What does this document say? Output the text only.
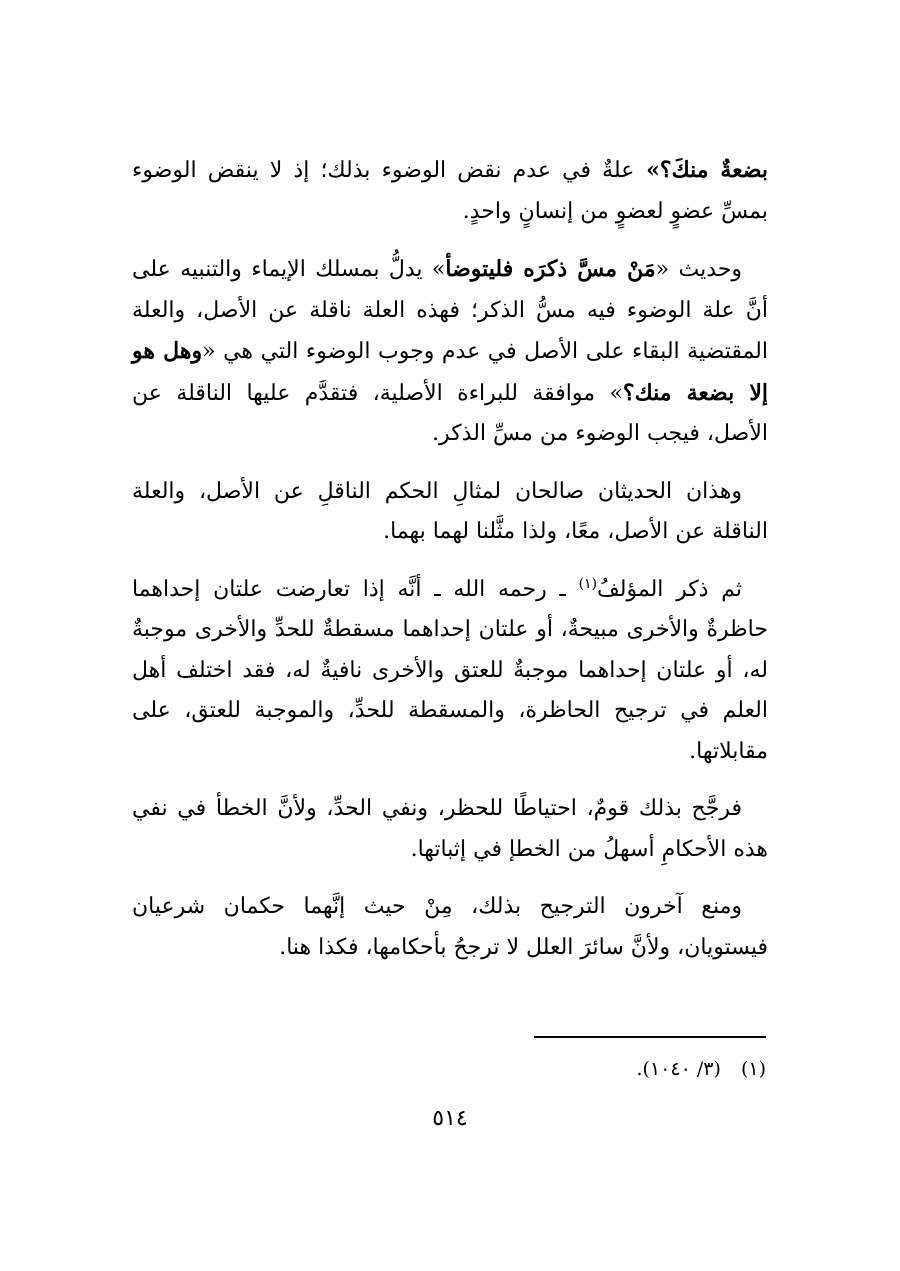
بضعةٌ منكَ؟» علةٌ في عدم نقض الوضوء بذلك؛ إذ لا ينقض الوضوء بمسِّ عضوٍ لعضوٍ من إنسانٍ واحدٍ.

وحديث «مَنْ مسَّ ذكرَه فليتوضأ» يدلُّ بمسلك الإيماء والتنبيه على أنَّ علة الوضوء فيه مسُّ الذكر؛ فهذه العلة ناقلة عن الأصل، والعلة المقتضية البقاء على الأصل في عدم وجوب الوضوء التي هي «وهل هو إلا بضعة منك؟» موافقة للبراءة الأصلية، فتقدَّم عليها الناقلة عن الأصل، فيجب الوضوء من مسِّ الذكر.

وهذان الحديثان صالحان لمثالِ الحكم الناقلِ عن الأصل، والعلة الناقلة عن الأصل، معًا، ولذا مثَّلنا لهما بهما.

ثم ذكر المؤلفُ$^{(١)}$ ـ رحمه الله ـ أنَّه إذا تعارضت علتان إحداهما حاظرةٌ والأخرى مبيحةٌ، أو علتان إحداهما مسقطةٌ للحدِّ والأخرى موجبةٌ له، أو علتان إحداهما موجبةٌ للعتق والأخرى نافيةٌ له، فقد اختلف أهل العلم في ترجيح الحاظرة، والمسقطة للحدِّ، والموجبة للعتق، على مقابلاتها.

فرجَّح بذلك قومٌ، احتياطًا للحظر، ونفي الحدِّ، ولأنَّ الخطأ في نفي هذه الأحكامِ أسهلُ من الخطإ في إثباتها.

ومنع آخرون الترجيح بذلك، مِنْ حيث إنَّهما حكمان شرعيان فيستويان، ولأنَّ سائرَ العلل لا ترجحُ بأحكامها، فكذا هنا.

(١) (٣/ ١٠٤٠).
٥١٤
